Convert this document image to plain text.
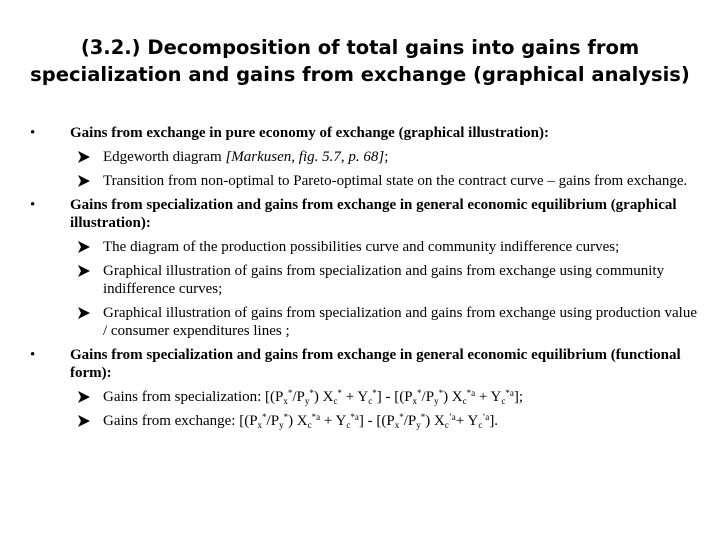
(3.2.) Decomposition of total gains into gains from specialization and gains from exchange (graphical analysis)
• Gains from exchange in pure economy of exchange (graphical illustration):
Edgeworth diagram [Markusen, fig. 5.7, p. 68];
Transition from non-optimal to Pareto-optimal state on the contract curve – gains from exchange.
• Gains from specialization and gains from exchange in general economic equilibrium (graphical illustration):
The diagram of the production possibilities curve and community indifference curves;
Graphical illustration of gains from specialization and gains from exchange using community indifference curves;
Graphical illustration of gains from specialization and gains from exchange using production value / consumer expenditures lines ;
• Gains from specialization and gains from exchange in general economic equilibrium (functional form):
Gains from specialization: $[(P_x^*/P_y^*) X_c^* + Y_c^*] - [(P_x^*/P_y^*) X_c^{*a} + Y_c^{*a}]$;
Gains from exchange: $[(P_x^*/P_y^*) X_c^{*a} + Y_c^{*a}] - [(P_x^*/P_y^*)$ $X_c^{’a}+ Y_c^{’a}$].
